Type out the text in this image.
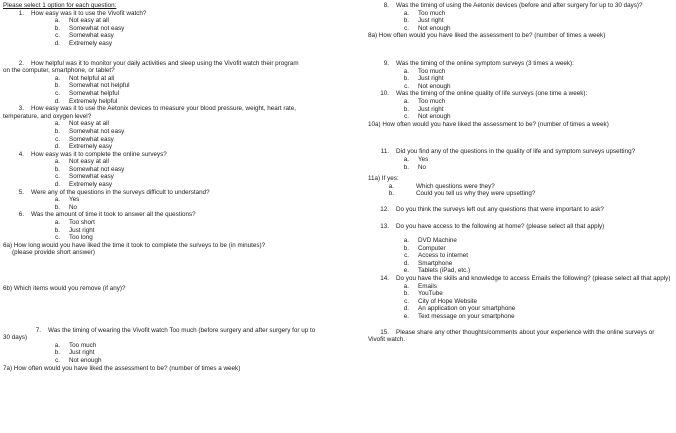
Please select 1 option for each question:
1.	How easy was it to use the Vivofit watch?
a.	Not easy at all
b.	Somewhat not easy
c.	Somewhat easy
d.	Extremely easy
2.	How helpful was it to monitor your daily activities and sleep using the Vivofit watch their program on the computer, smartphone, or tablet?
a.	Not helpful at all
b.	Somewhat not helpful
c.	Somewhat helpful
d.	Extremely helpful
3.	How easy was it to use the Aetonix devices to measure your blood pressure, weight, heart rate, temperature, and oxygen level?
a.	Not easy at all
b.	Somewhat not easy
c.	Somewhat easy
d.	Extremely easy
4.	How easy was it to complete the online surveys?
a.	Not easy at all
b.	Somewhat not easy
c.	Somewhat easy
d.	Extremely easy
5.	Were any of the questions in the surveys difficult to understand?
a.	Yes
b.	No
6.	Was the amount of time it took to answer all the questions?
a.	Too short
b.	Just right
c.	Too long
6a) How long would you have liked the time it took to complete the surveys to be (in minutes)?
(please provide short answer)
6b) Which items would you remove (if any)?
7.	Was the timing of wearing the Vivofit watch Too much (before surgery and after surgery for up to 30 days)
a.	Too much
b.	Just right
c.	Not enough
7a) How often would you have liked the assessment to be? (number of times a week)
8.	Was the timing of using the Aetonix devices (before and after surgery for up to 30 days)?
a.	Too much
b.	Just right
c.	Not enough
8a) How often would you have liked the assessment to be? (number of times a week)
9.	Was the timing of the online symptom surveys (3 times a week):
a.	Too much
b.	Just right
c.	Not enough
10.	Was the timing of the online quality of life surveys (one time a week):
a.	Too much
b.	Just right
c.	Not enough
10a) How often would you have liked the assessment to be? (number of times a week)
11.	Did you find any of the questions in the quality of life and symptom surveys upsetting?
a.	Yes
b.	No
11a) If yes:
a.	Which questions were they?
b.	Could you tell us why they were upsetting?
12.	Do you think the surveys left out any questions that were important to ask?
13.	Do you have access to the following at home? (please select all that apply)
a.	DVD Machine
b.	Computer
c.	Access to internet
d.	Smartphone
e.	Tablets (iPad, etc.)
14.	Do you have the skills and knowledge to access Emails the following? (please select all that apply)
a.	Emails
b.	YouTube
c.	City of Hope Website
d.	An application on your smartphone
e.	Text message on your smartphone
15.	Please share any other thoughts/comments about your experience with the online surveys or Vivofit watch.
